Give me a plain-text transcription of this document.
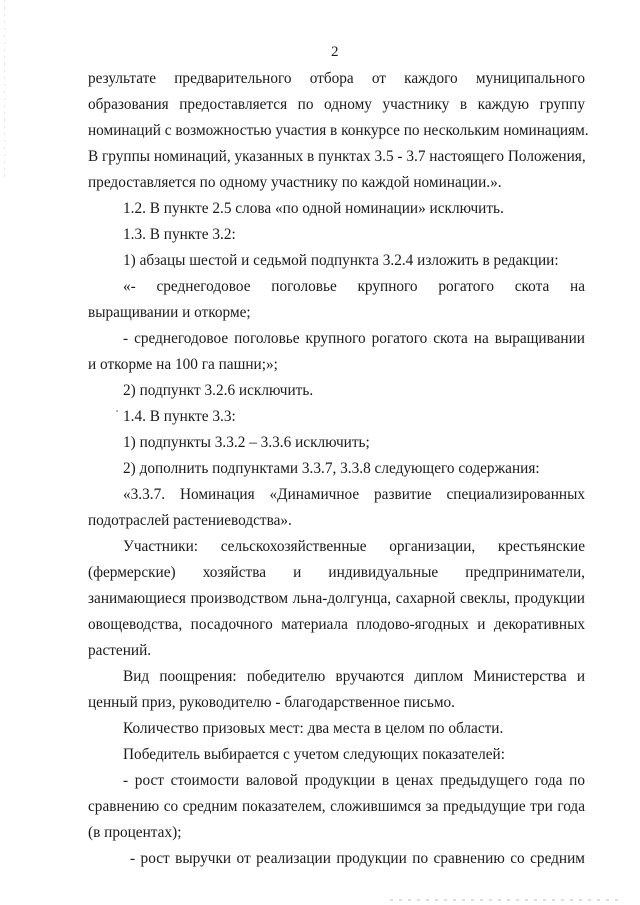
2
результате предварительного отбора от каждого муниципального
образования предоставляется по одному участнику в каждую группу
номинаций с возможностью участия в конкурсе по нескольким номинациям.
В группы номинаций, указанных в пунктах 3.5 - 3.7 настоящего Положения,
предоставляется по одному участнику по каждой номинации.».
1.2. В пункте 2.5 слова «по одной номинации» исключить.
1.3. В пункте 3.2:
1) абзацы шестой и седьмой подпункта 3.2.4 изложить в редакции:
«- среднегодовое поголовье крупного рогатого скота на
выращивании и откорме;
- среднегодовое поголовье крупного рогатого скота на выращивании
и откорме на 100 га пашни;»;
2) подпункт 3.2.6 исключить.
1.4. В пункте 3.3:
1) подпункты 3.3.2 – 3.3.6 исключить;
2) дополнить подпунктами 3.3.7, 3.3.8 следующего содержания:
«3.3.7. Номинация «Динамичное развитие специализированных
подотраслей растениеводства».
Участники: сельскохозяйственные организации, крестьянские
(фермерские) хозяйства и индивидуальные предприниматели,
занимающиеся производством льна-долгунца, сахарной свеклы, продукции
овощеводства, посадочного материала плодово-ягодных и декоративных
растений.
Вид поощрения: победителю вручаются диплом Министерства и
ценный приз, руководителю - благодарственное письмо.
Количество призовых мест: два места в целом по области.
Победитель выбирается с учетом следующих показателей:
- рост стоимости валовой продукции в ценах предыдущего года по
сравнению со средним показателем, сложившимся за предыдущие три года
(в процентах);
- рост выручки от реализации продукции по сравнению со средним
